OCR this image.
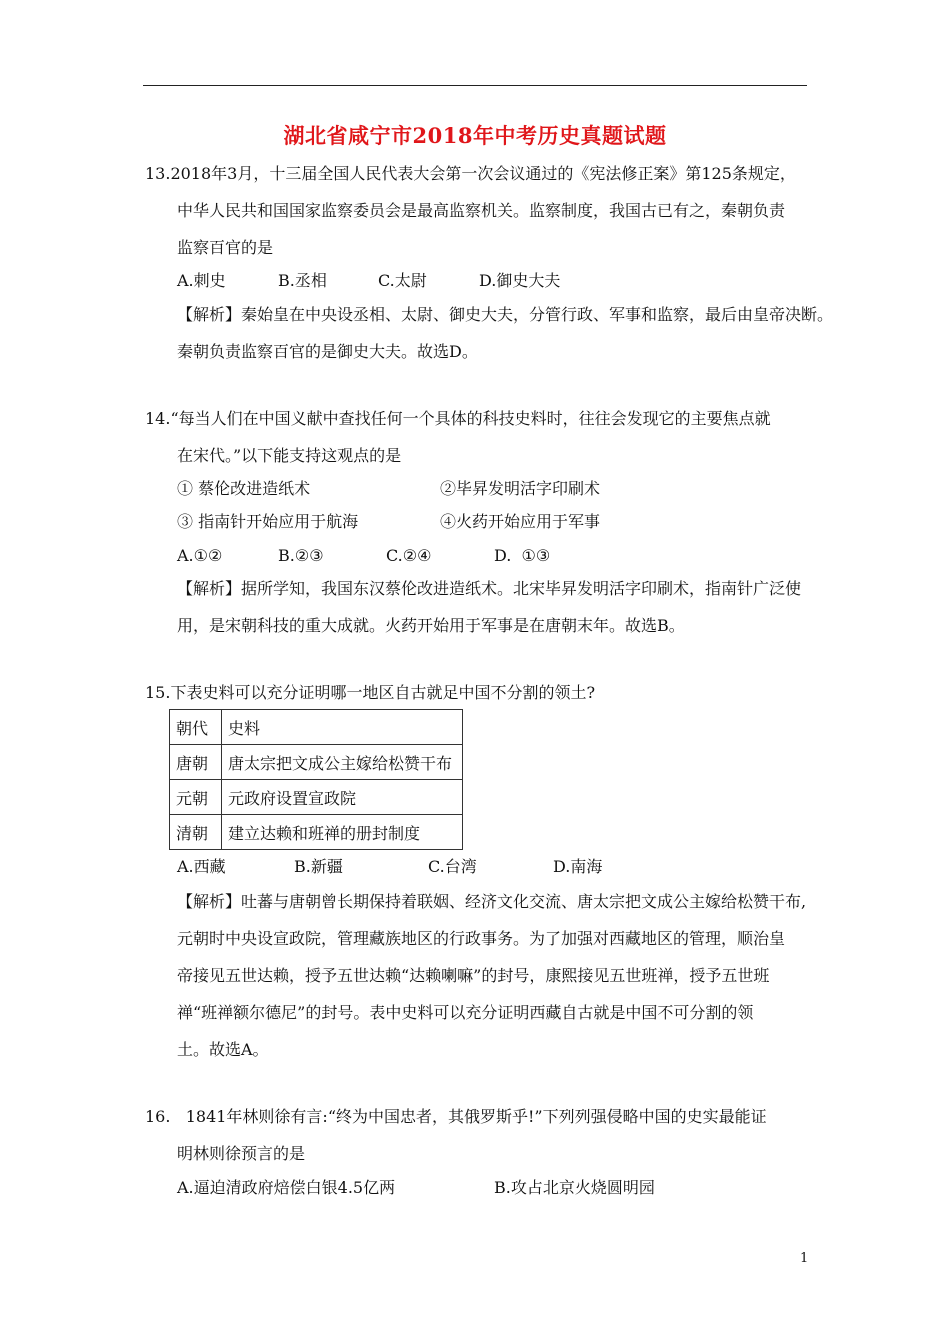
湖北省咸宁市2018年中考历史真题试题
13.2018年3月，十三届全国人民代表大会第一次会议通过的《宪法修正案》第125条规定，
中华人民共和国国家监察委员会是最高监察机关。监察制度，我国古已有之，秦朝负责
监察百官的是
A.刺史	B.丞相	C.太尉	D.御史大夫
【解析】秦始皇在中央设丞相、太尉、御史大夫，分管行政、军事和监察，最后由皇帝决断。
秦朝负责监察百官的是御史大夫。故选D。
14.“每当人们在中国义献中查找任何一个具体的科技史料时，往往会发现它的主要焦点就
在宋代。”以下能支持这观点的是
① 蔡伦改进造纸术	②毕昇发明活字印刷术
③ 指南针开始应用于航海	④火药开始应用于军事
A.①②	B.②③	C.②④	D.  ①③
【解析】据所学知，我国东汉蔡伦改进造纸术。北宋毕昇发明活字印刷术，指南针广泛使
用，是宋朝科技的重大成就。火药开始用于军事是在唐朝末年。故选B。
15.下表史料可以充分证明哪一地区自古就足中国不分割的领土?
朝代	史料
唐朝	唐太宗把文成公主嫁给松赞干布
元朝	元政府设置宣政院
清朝	建立达赖和班禅的册封制度
A.西藏	B.新疆	C.台湾	D.南海
【解析】吐蕃与唐朝曾长期保持着联姻、经济文化交流、唐太宗把文成公主嫁给松赞干布,
元朝时中央设宣政院，管理藏族地区的行政事务。为了加强对西藏地区的管理，顺治皇
帝接见五世达赖，授予五世达赖“达赖喇嘛”的封号，康熙接见五世班禅，授予五世班
禅“班禅额尔德尼”的封号。表中史料可以充分证明西藏自古就是中国不可分割的领
土。故选A。
16.   1841年林则徐有言:“终为中国忠者，其俄罗斯乎!”下列列强侵略中国的史实最能证
明林则徐预言的是
A.逼迫清政府焙偿白银4.5亿两	B.攻占北京火烧圆明园
1
